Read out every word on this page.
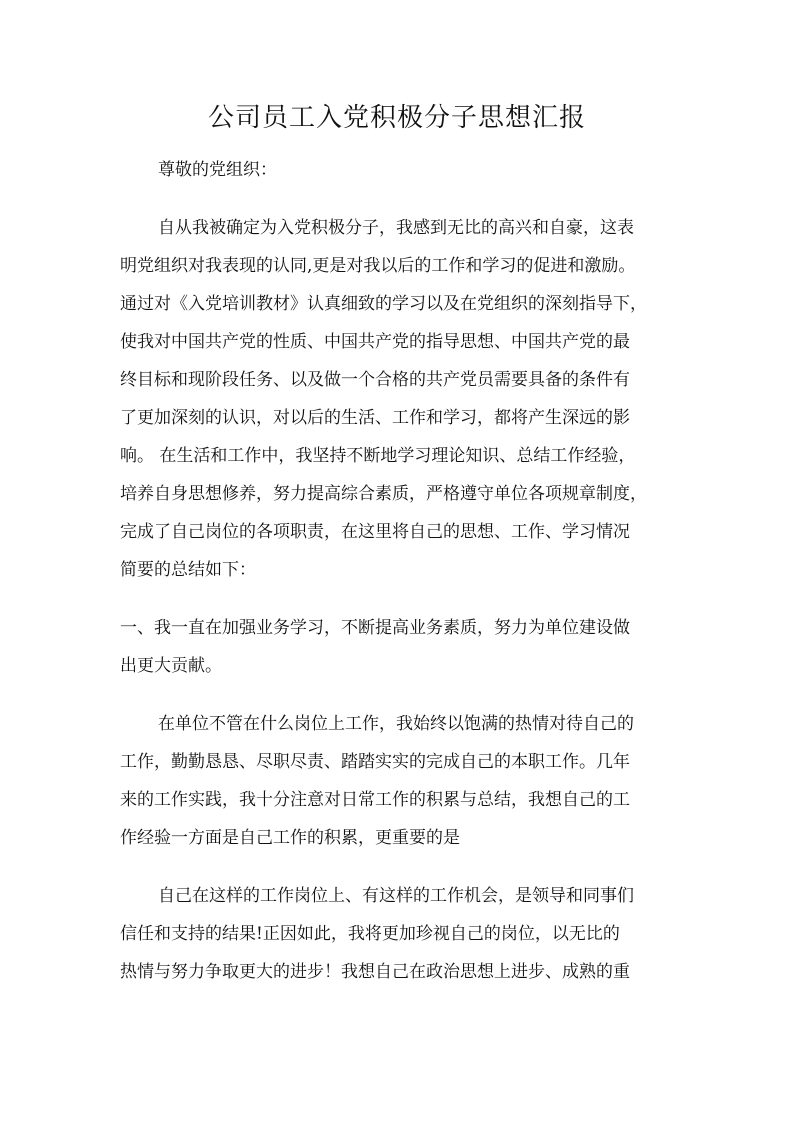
公司员工入党积极分子思想汇报
尊敬的党组织：
自从我被确定为入党积极分子，我感到无比的高兴和自豪，这表
明党组织对我表现的认同,更是对我以后的工作和学习的促进和激励。
通过对《入党培训教材》认真细致的学习以及在党组织的深刻指导下，
使我对中国共产党的性质、中国共产党的指导思想、中国共产党的最
终目标和现阶段任务、以及做一个合格的共产党员需要具备的条件有
了更加深刻的认识，对以后的生活、工作和学习，都将产生深远的影
响。 在生活和工作中，我坚持不断地学习理论知识、总结工作经验，
培养自身思想修养，努力提高综合素质，严格遵守单位各项规章制度，
完成了自己岗位的各项职责，在这里将自己的思想、工作、学习情况
简要的总结如下：
一、我一直在加强业务学习，不断提高业务素质，努力为单位建设做
出更大贡献。
在单位不管在什么岗位上工作，我始终以饱满的热情对待自己的
工作，勤勤恳恳、尽职尽责、踏踏实实的完成自己的本职工作。几年
来的工作实践，我十分注意对日常工作的积累与总结，我想自己的工
作经验一方面是自己工作的积累，更重要的是
自己在这样的工作岗位上、有这样的工作机会，是领导和同事们
信任和支持的结果!正因如此，我将更加珍视自己的岗位，以无比的
热情与努力争取更大的进步！我想自己在政治思想上进步、成熟的重
